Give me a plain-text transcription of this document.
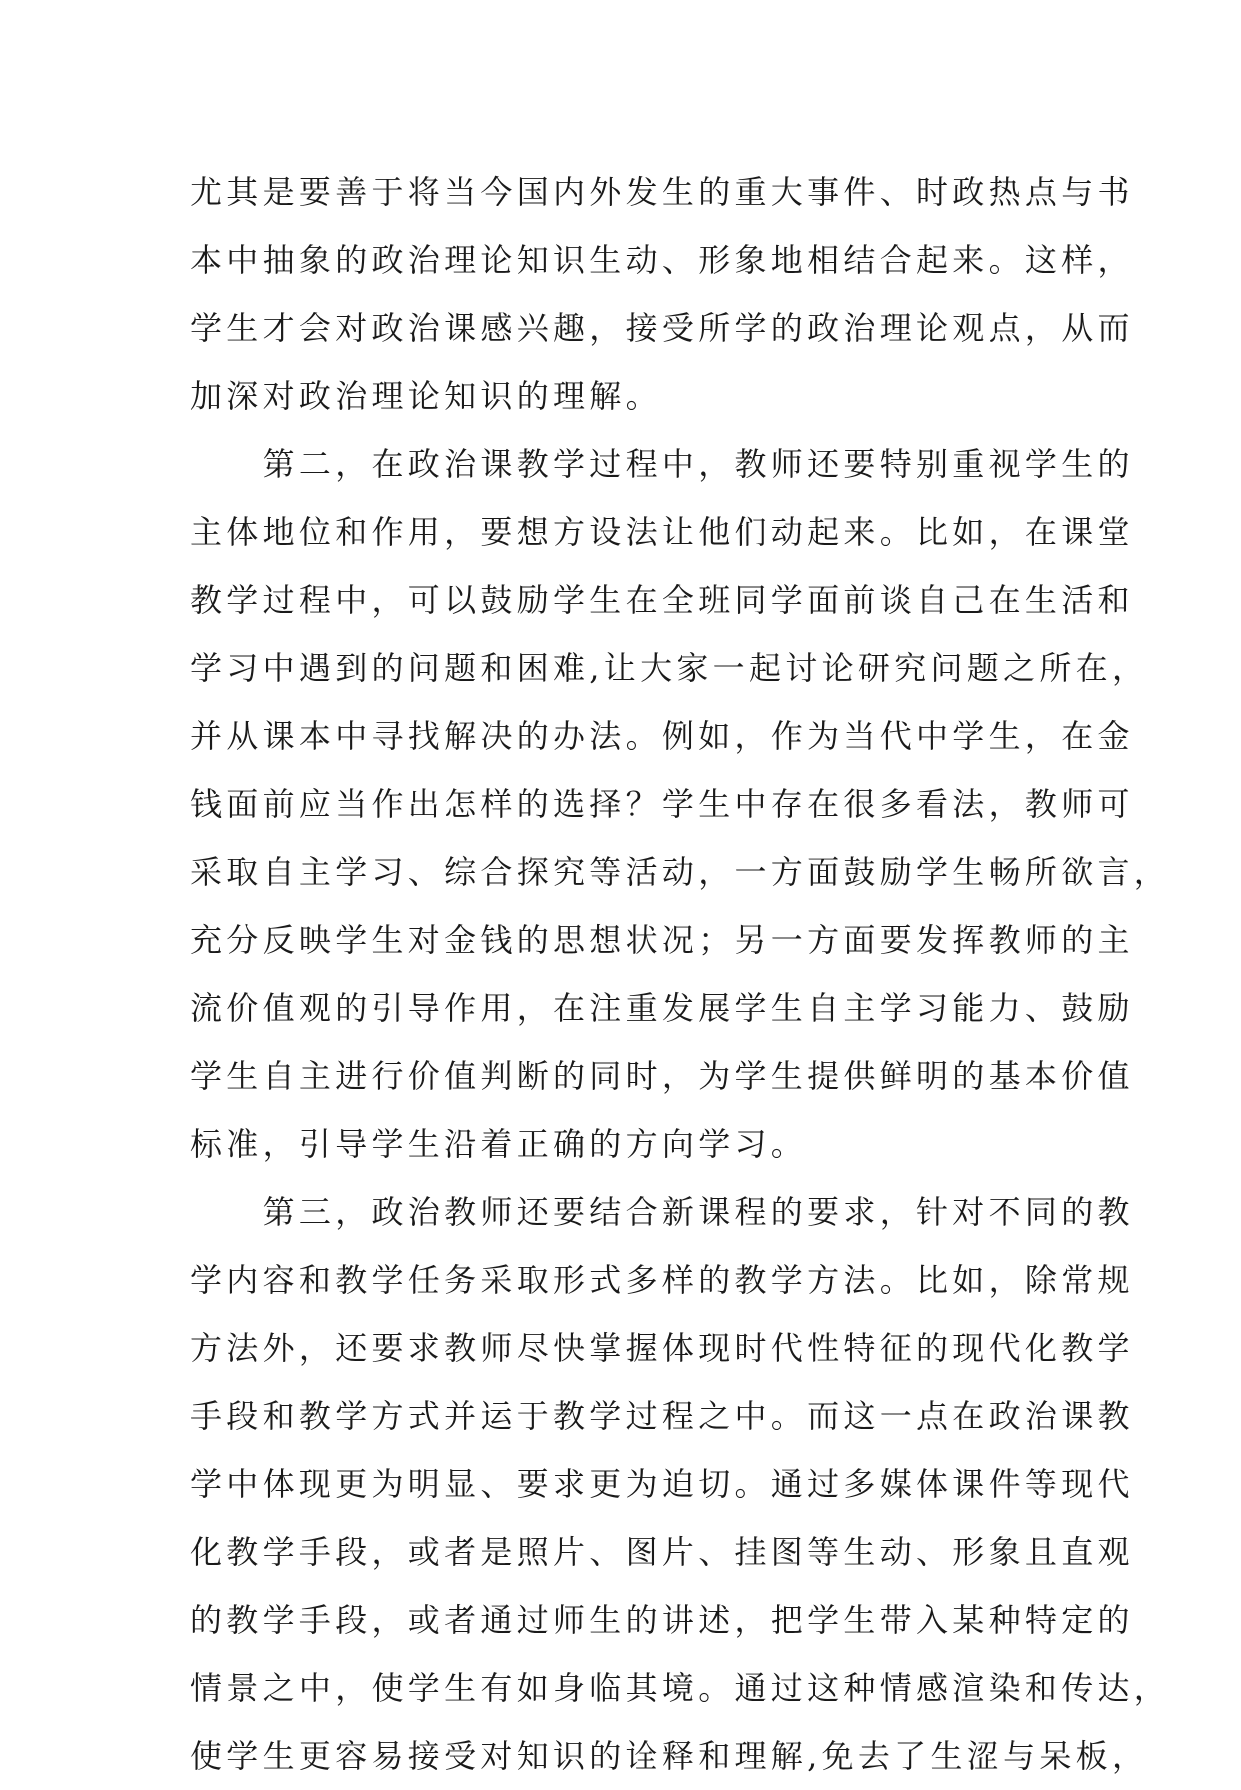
尤其是要善于将当今国内外发生的重大事件、时政热点与书
本中抽象的政治理论知识生动、形象地相结合起来。这样，
学生才会对政治课感兴趣，接受所学的政治理论观点，从而
加深对政治理论知识的理解。
　　第二，在政治课教学过程中，教师还要特别重视学生的
主体地位和作用，要想方设法让他们动起来。比如，在课堂
教学过程中，可以鼓励学生在全班同学面前谈自己在生活和
学习中遇到的问题和困难,让大家一起讨论研究问题之所在，
并从课本中寻找解决的办法。例如，作为当代中学生，在金
钱面前应当作出怎样的选择？学生中存在很多看法，教师可
采取自主学习、综合探究等活动，一方面鼓励学生畅所欲言，
充分反映学生对金钱的思想状况；另一方面要发挥教师的主
流价值观的引导作用，在注重发展学生自主学习能力、鼓励
学生自主进行价值判断的同时，为学生提供鲜明的基本价值
标准，引导学生沿着正确的方向学习。
　　第三，政治教师还要结合新课程的要求，针对不同的教
学内容和教学任务采取形式多样的教学方法。比如，除常规
方法外，还要求教师尽快掌握体现时代性特征的现代化教学
手段和教学方式并运于教学过程之中。而这一点在政治课教
学中体现更为明显、要求更为迫切。通过多媒体课件等现代
化教学手段，或者是照片、图片、挂图等生动、形象且直观
的教学手段，或者通过师生的讲述，把学生带入某种特定的
情景之中，使学生有如身临其境。通过这种情感渲染和传达，
使学生更容易接受对知识的诠释和理解,免去了生涩与呆板，
